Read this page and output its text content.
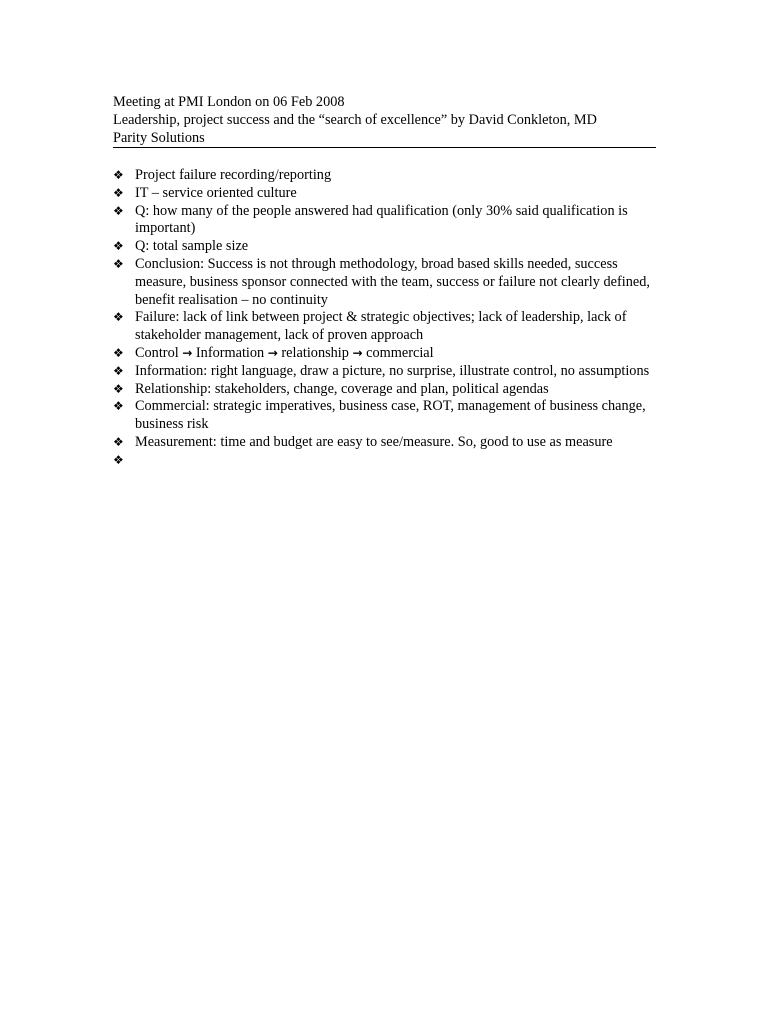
Meeting at PMI London on 06 Feb 2008
Leadership, project success and the “search of excellence” by David Conkleton, MD
Parity Solutions
❖ Project failure recording/reporting
❖ IT – service oriented culture
❖ Q: how many of the people answered had qualification (only 30% said qualification is important)
❖ Q: total sample size
❖ Conclusion: Success is not through methodology, broad based skills needed, success measure, business sponsor connected with the team, success or failure not clearly defined, benefit realisation – no continuity
❖ Failure: lack of link between project & strategic objectives; lack of leadership, lack of stakeholder management, lack of proven approach
❖ Control → Information → relationship → commercial
❖ Information: right language, draw a picture, no surprise, illustrate control, no assumptions
❖ Relationship: stakeholders, change, coverage and plan, political agendas
❖ Commercial: strategic imperatives, business case, ROT, management of business change, business risk
❖ Measurement: time and budget are easy to see/measure. So, good to use as measure
❖
